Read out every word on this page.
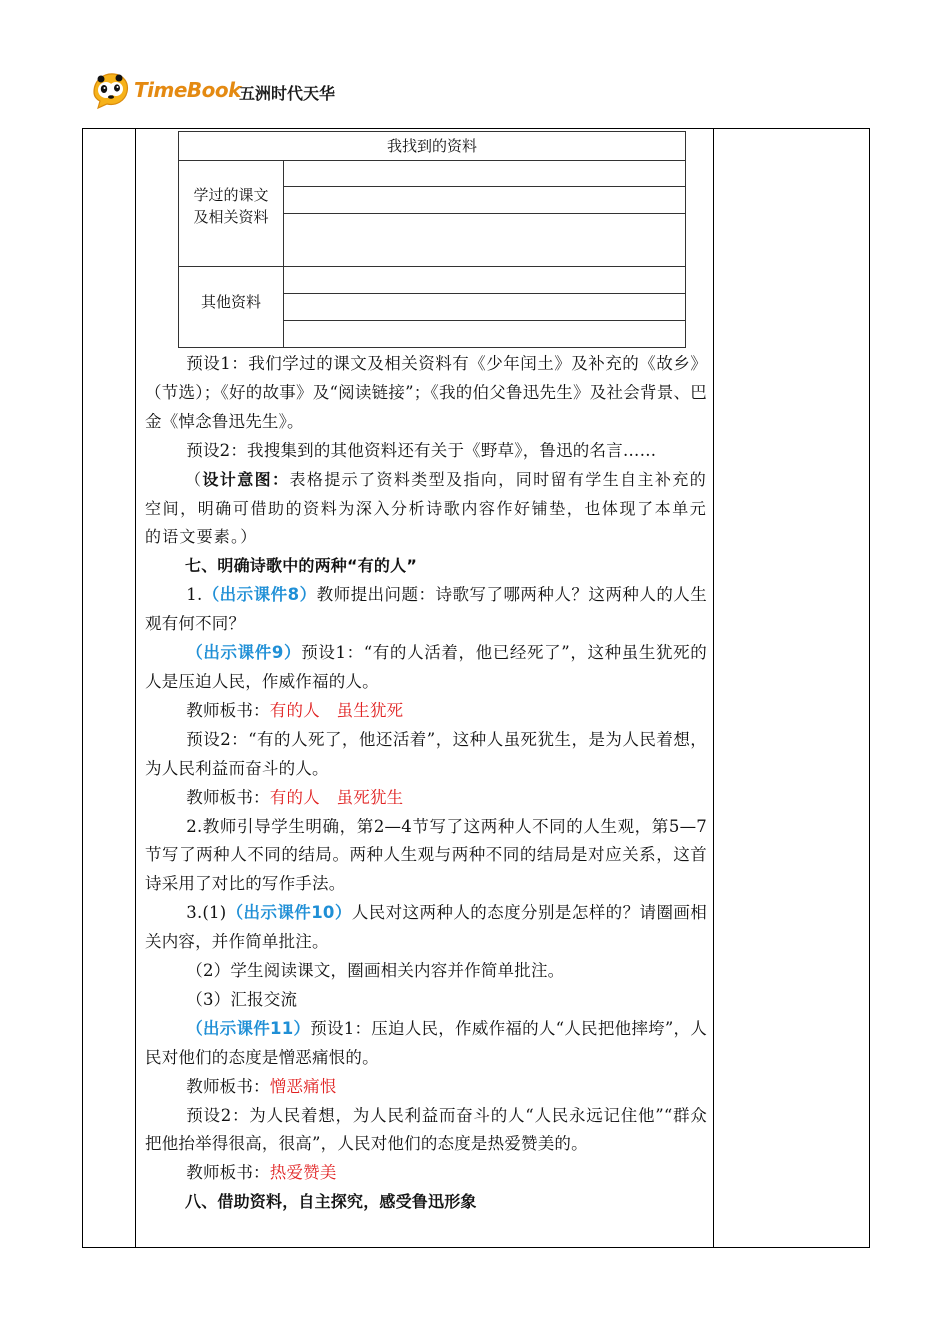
TimeBook
五洲时代天华
我找到的资料
学过的课文
及相关资料
其他资料

预设1：我们学过的课文及相关资料有《少年闰土》及补充的《故乡》（节选）；《好的故事》及“阅读链接”；《我的伯父鲁迅先生》及社会背景、巴金《悼念鲁迅先生》。

预设2：我搜集到的其他资料还有关于《野草》，鲁迅的名言……

（设计意图：表格提示了资料类型及指向，同时留有学生自主补充的空间，明确可借助的资料为深入分析诗歌内容作好铺垫，也体现了本单元的语文要素。）

七、明确诗歌中的两种“有的人”

1.（出示课件8）教师提出问题：诗歌写了哪两种人？这两种人的人生观有何不同？

（出示课件9）预设1：“有的人活着，他已经死了”，这种虽生犹死的人是压迫人民，作威作福的人。

教师板书：有的人　虽生犹死

预设2：“有的人死了，他还活着”，这种人虽死犹生，是为人民着想，为人民利益而奋斗的人。

教师板书：有的人　虽死犹生

2.教师引导学生明确，第2—4节写了这两种人不同的人生观，第5—7节写了两种人不同的结局。两种人生观与两种不同的结局是对应关系，这首诗采用了对比的写作手法。

3.(1)（出示课件10）人民对这两种人的态度分别是怎样的？请圈画相关内容，并作简单批注。

（2）学生阅读课文，圈画相关内容并作简单批注。

（3）汇报交流

（出示课件11）预设1：压迫人民，作威作福的人“人民把他摔垮”，人民对他们的态度是憎恶痛恨的。

教师板书：憎恶痛恨

预设2：为人民着想，为人民利益而奋斗的人“人民永远记住他”“群众把他抬举得很高，很高”，人民对他们的态度是热爱赞美的。

教师板书：热爱赞美

八、借助资料，自主探究，感受鲁迅形象
